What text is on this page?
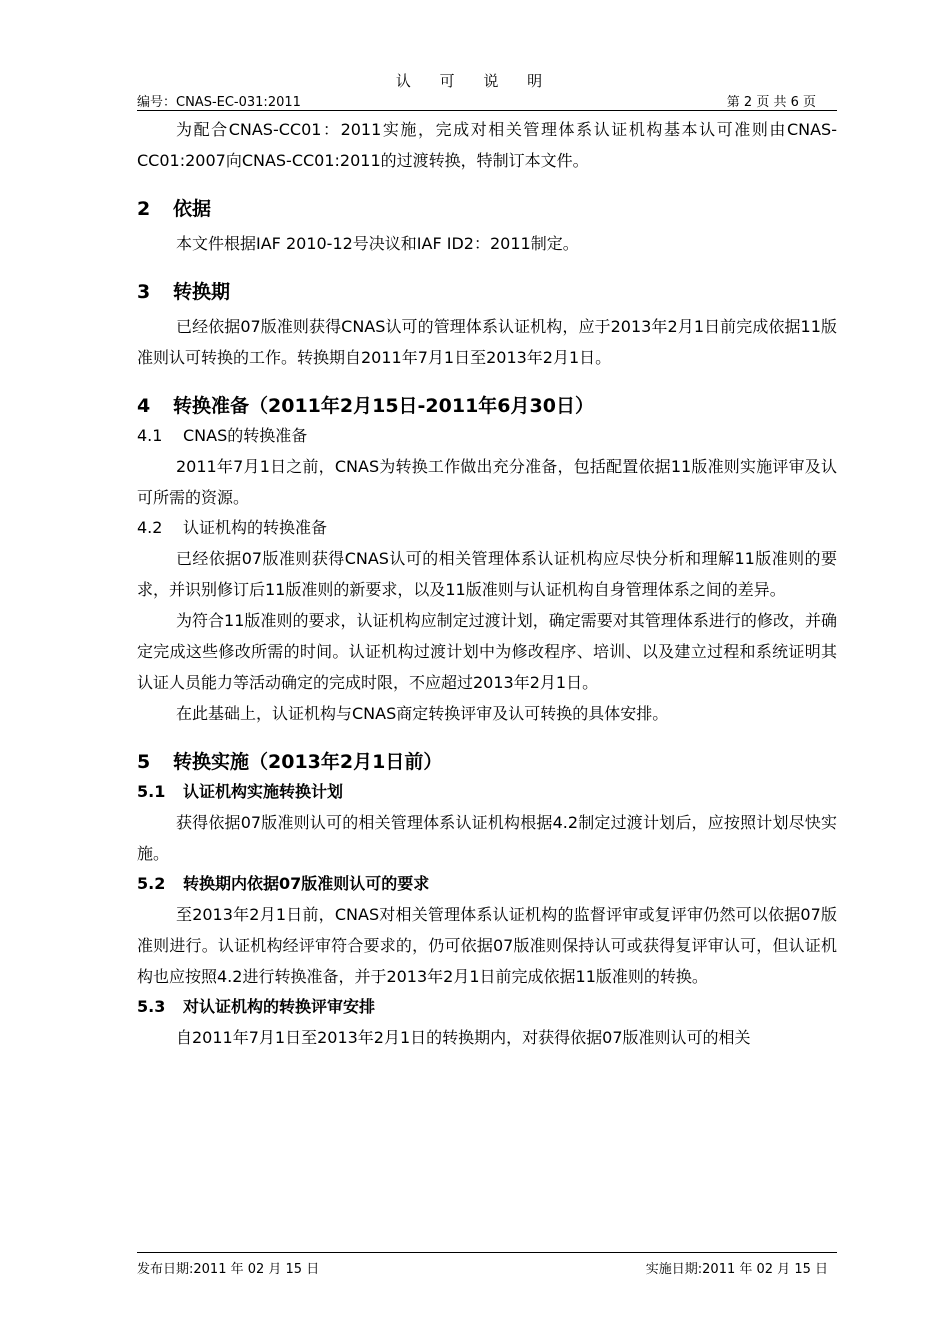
认 可 说 明
编号：CNAS-EC-031:2011	第 2 页 共 6 页

为配合CNAS-CC01：2011实施，完成对相关管理体系认证机构基本认可准则由CNAS-CC01:2007向CNAS-CC01:2011的过渡转换，特制订本文件。

2	依据

本文件根据IAF 2010-12号决议和IAF ID2：2011制定。

3	转换期

已经依据07版准则获得CNAS认可的管理体系认证机构，应于2013年2月1日前完成依据11版准则认可转换的工作。转换期自2011年7月1日至2013年2月1日。

4	转换准备（2011年2月15日-2011年6月30日）
4.1	CNAS的转换准备

2011年7月1日之前，CNAS为转换工作做出充分准备，包括配置依据11版准则实施评审及认可所需的资源。

4.2	认证机构的转换准备

已经依据07版准则获得CNAS认可的相关管理体系认证机构应尽快分析和理解11版准则的要求，并识别修订后11版准则的新要求，以及11版准则与认证机构自身管理体系之间的差异。

为符合11版准则的要求，认证机构应制定过渡计划，确定需要对其管理体系进行的修改，并确定完成这些修改所需的时间。认证机构过渡计划中为修改程序、培训、以及建立过程和系统证明其认证人员能力等活动确定的完成时限，不应超过2013年2月1日。

在此基础上，认证机构与CNAS商定转换评审及认可转换的具体安排。

5	转换实施（2013年2月1日前）
5.1	认证机构实施转换计划

获得依据07版准则认可的相关管理体系认证机构根据4.2制定过渡计划后，应按照计划尽快实施。

5.2	转换期内依据07版准则认可的要求

至2013年2月1日前，CNAS对相关管理体系认证机构的监督评审或复评审仍然可以依据07版准则进行。认证机构经评审符合要求的，仍可依据07版准则保持认可或获得复评审认可，但认证机构也应按照4.2进行转换准备，并于2013年2月1日前完成依据11版准则的转换。

5.3	对认证机构的转换评审安排

自2011年7月1日至2013年2月1日的转换期内，对获得依据07版准则认可的相关

发布日期:2011 年 02 月 15 日	实施日期:2011 年 02 月 15 日
